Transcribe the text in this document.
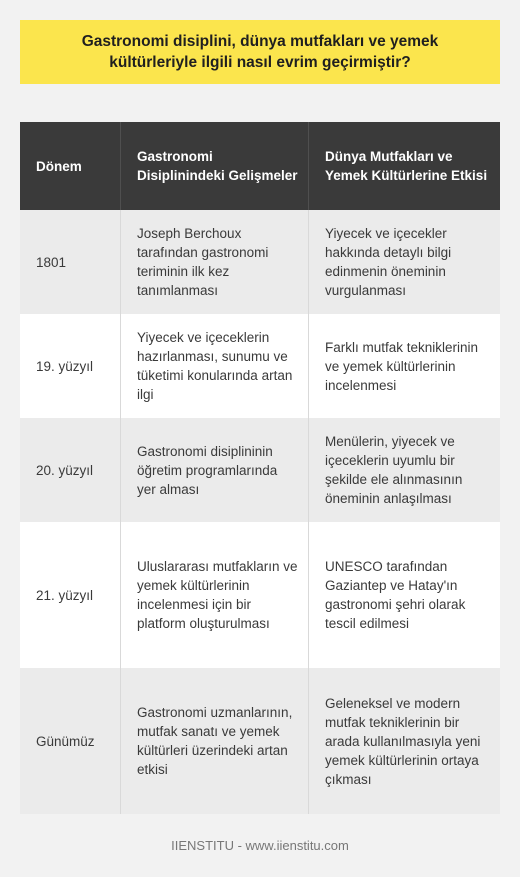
Gastronomi disiplini, dünya mutfakları ve yemek kültürleriyle ilgili nasıl evrim geçirmiştir?
Dönem	Gastronomi Disiplinindeki Gelişmeler	Dünya Mutfakları ve Yemek Kültürlerine Etkisi
1801	Joseph Berchoux tarafından gastronomi teriminin ilk kez tanımlanması	Yiyecek ve içecekler hakkında detaylı bilgi edinmenin öneminin vurgulanması
19. yüzyıl	Yiyecek ve içeceklerin hazırlanması, sunumu ve tüketimi konularında artan ilgi	Farklı mutfak tekniklerinin ve yemek kültürlerinin incelenmesi
20. yüzyıl	Gastronomi disiplininin öğretim programlarında yer alması	Menülerin, yiyecek ve içeceklerin uyumlu bir şekilde ele alınmasının öneminin anlaşılması
21. yüzyıl	Uluslararası mutfakların ve yemek kültürlerinin incelenmesi için bir platform oluşturulması	UNESCO tarafından Gaziantep ve Hatay'ın gastronomi şehri olarak tescil edilmesi
Günümüz	Gastronomi uzmanlarının, mutfak sanatı ve yemek kültürleri üzerindeki artan etkisi	Geleneksel ve modern mutfak tekniklerinin bir arada kullanılmasıyla yeni yemek kültürlerinin ortaya çıkması
IIENSTITU - www.iienstitu.com
